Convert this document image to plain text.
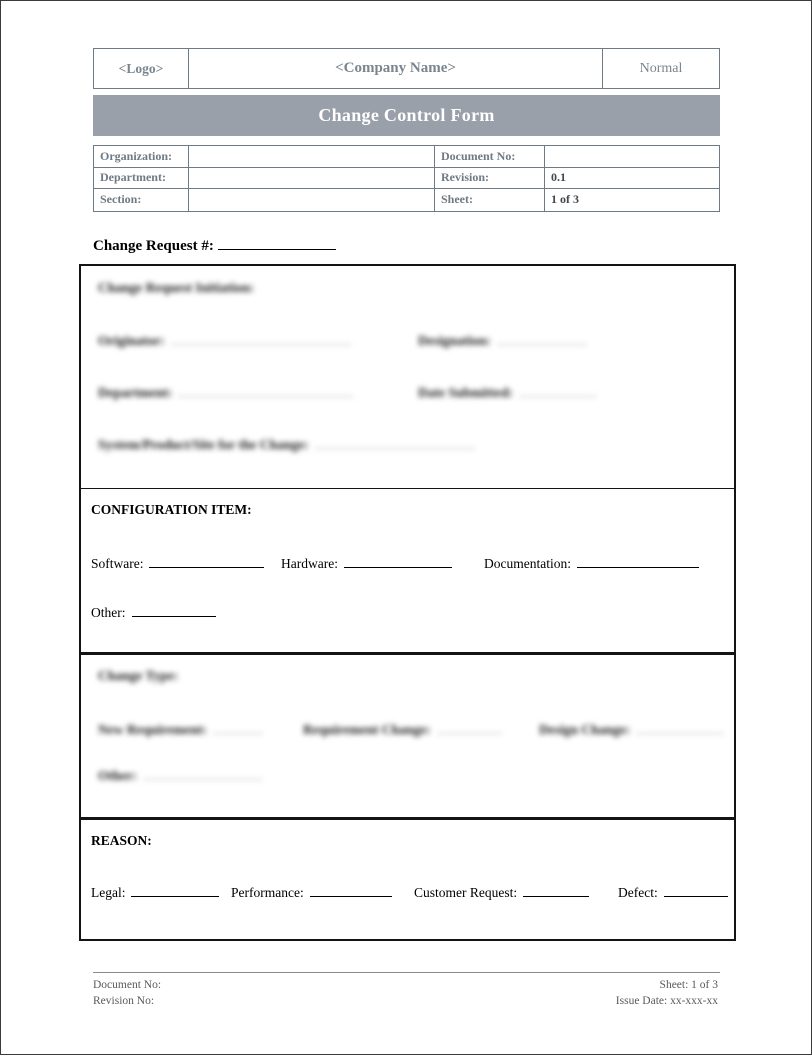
<Logo>	<Company Name>	Normal
Change Control Form
Organization:	Document No:
Department:	Revision:	0.1
Section:	Sheet:	1 of 3
Change Request #:
Change Request Initiation:
Originator:	Designation:
Department:	Date Submitted:
System/Product/Site for the Change:
CONFIGURATION ITEM:
Software:	Hardware:	Documentation:
Other:
Change Type:
New Requirement:	Requirement Change:	Design Change:
Other:
REASON:
Legal:	Performance:	Customer Request:	Defect:
Document No:
Revision No:
Sheet: 1 of 3
Issue Date: xx-xxx-xx
